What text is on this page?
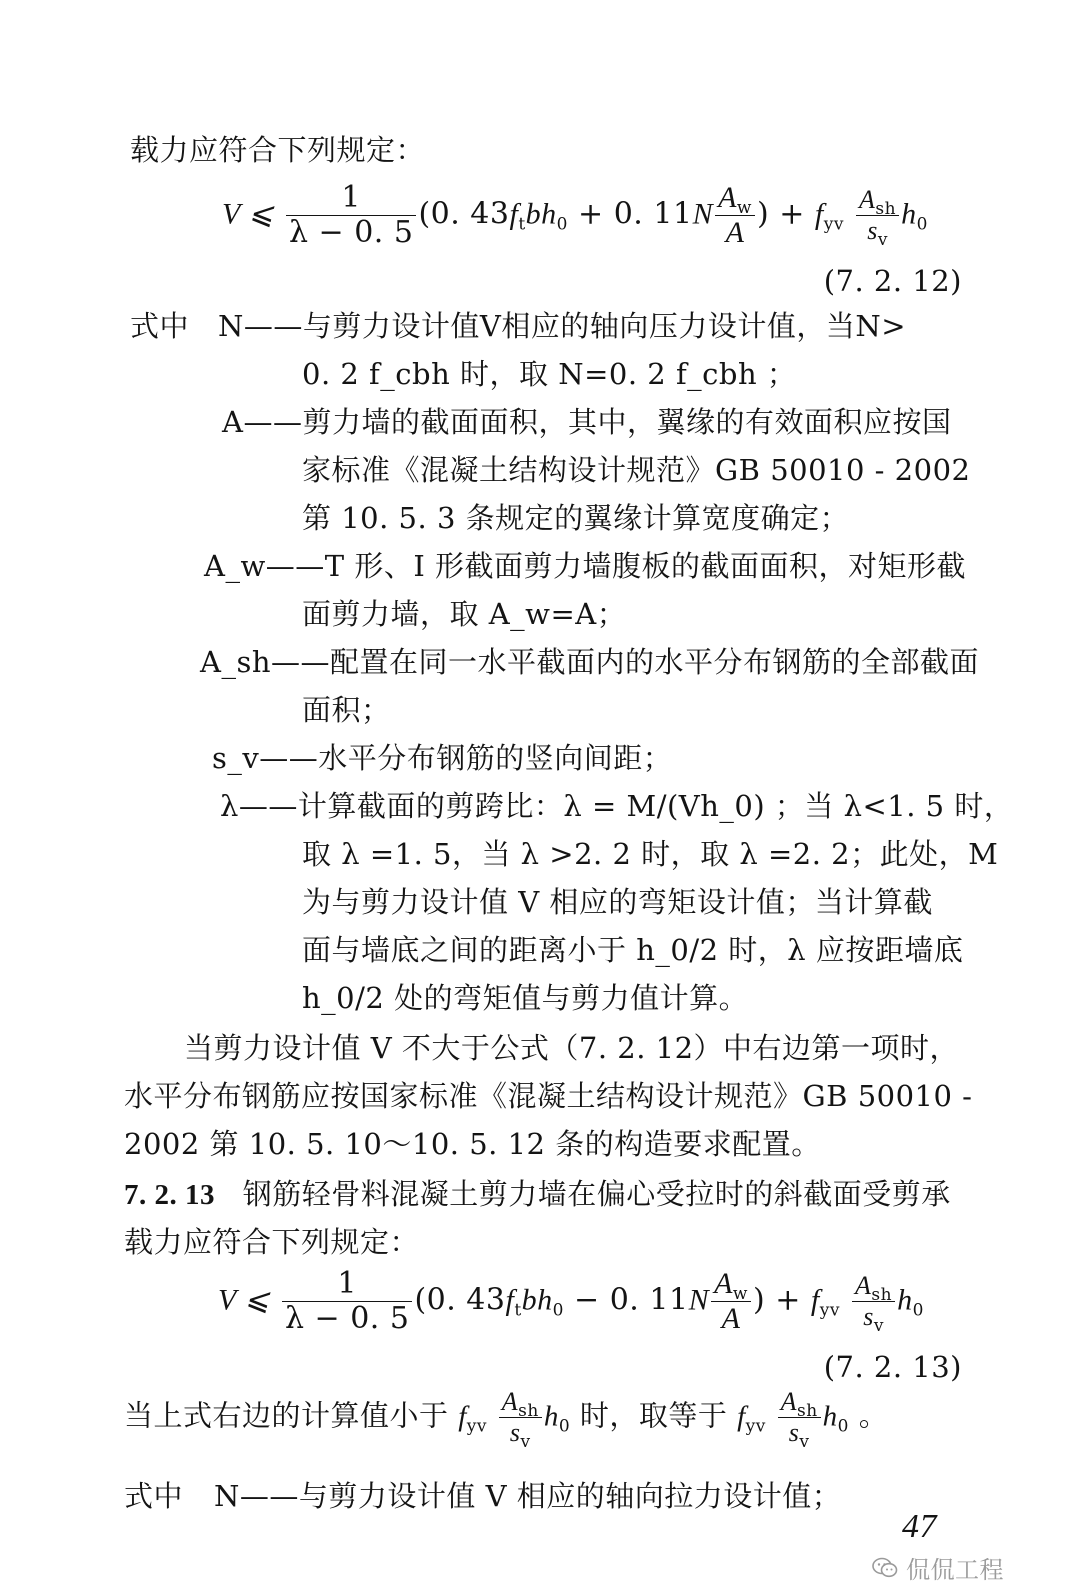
载力应符合下列规定：
V ⩽ $\frac{1}{\lambda - 0. 5} (0$. $43f_tbh_0 + 0$. $11N \frac{A_w}{A}$ ) + $f_{yv} \frac{A_{sh}}{s_v} h_0$
(7. 2. 12)
式中 N——与剪力设计值V相应的轴向压力设计值，当N>
0. 2 f_cbh 时，取 N=0. 2 f_cbh ；
A——剪力墙的截面面积，其中，翼缘的有效面积应按国
家标准《混凝土结构设计规范》GB 50010 - 2002
第 10. 5. 3 条规定的翼缘计算宽度确定；
A_w——T 形、I 形截面剪力墙腹板的截面面积，对矩形截
面剪力墙，取 A_w=A；
A_sh——配置在同一水平截面内的水平分布钢筋的全部截面
面积；
s_v——水平分布钢筋的竖向间距；
λ——计算截面的剪跨比：λ = M/(Vh_0) ；当 λ<1. 5 时，
取 λ =1. 5，当 λ >2. 2 时，取 λ =2. 2；此处，M
为与剪力设计值 V 相应的弯矩设计值；当计算截
面与墙底之间的距离小于 h_0/2 时，λ 应按距墙底
h_0/2 处的弯矩值与剪力值计算。
当剪力设计值 V 不大于公式（7. 2. 12）中右边第一项时，
水平分布钢筋应按国家标准《混凝土结构设计规范》GB 50010 -
2002 第 10. 5. 10～10. 5. 12 条的构造要求配置。
7. 2. 13 钢筋轻骨料混凝土剪力墙在偏心受拉时的斜截面受剪承
载力应符合下列规定：
V ⩽ $\frac{1}{\lambda - 0. 5} (0$. $43f_tbh_0 - 0$. $11N \frac{A_w}{A}$ ) + $f_{yv} \frac{A_{sh}}{s_v} h_0$
(7. 2. 13)
当上式右边的计算值小于 $f_{yv} \frac{A_{sh}}{s_v} h_0$ 时，取等于 $f_{yv} \frac{A_{sh}}{s_v} h_0$ 。
式中 N——与剪力设计值 V 相应的轴向拉力设计值；
47
侃侃工程
